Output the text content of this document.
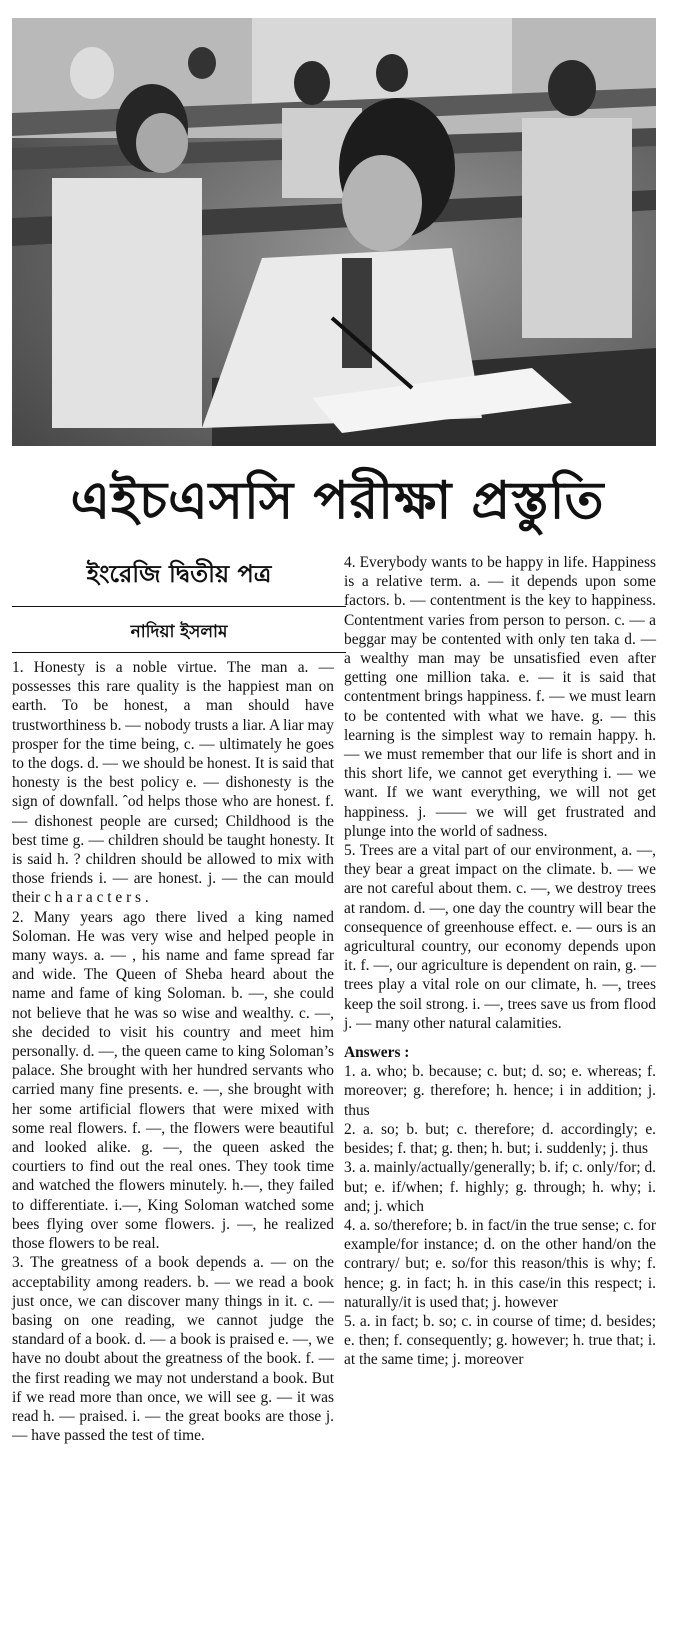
এইচএসসি পরীক্ষা প্রস্তুতি
ইংরেজি দ্বিতীয় পত্র
নাদিয়া ইসলাম

1. Honesty is a noble virtue. The man a. — possesses this rare quality is the happiest man on earth. To be honest, a man should have trustworthiness b. — nobody trusts a liar. A liar may prosper for the time being, c. — ultimately he goes to the dogs. d. — we should be honest. It is said that honesty is the best policy e. — dishonesty is the sign of downfall. ˆod helps those who are honest. f. — dishonest people are cursed; Childhood is the best time g. — children should be taught honesty. It is said h. ? children should be allowed to mix with those friends i. — are honest. j. — the can mould their c h a r a c t e r s .

2. Many years ago there lived a king named Soloman. He was very wise and helped people in many ways. a. — , his name and fame spread far and wide. The Queen of Sheba heard about the name and fame of king Soloman. b. —, she could not believe that he was so wise and wealthy. c. —, she decided to visit his country and meet him personally. d. —, the queen came to king Soloman’s palace. She brought with her hundred servants who carried many fine presents. e. —, she brought with her some artificial flowers that were mixed with some real flowers. f. —, the flowers were beautiful and looked alike. g. —, the queen asked the courtiers to find out the real ones. They took time and watched the flowers minutely. h.—, they failed to differentiate. i.—, King Soloman watched some bees flying over some flowers. j. —, he realized those flowers to be real.

3. The greatness of a book depends a. — on the acceptability among readers. b. — we read a book just once, we can discover many things in it. c. — basing on one reading, we cannot judge the standard of a book. d. — a book is praised e. —, we have no doubt about the greatness of the book. f. — the first reading we may not understand a book. But if we read more than once, we will see g. — it was read h. — praised. i. — the great books are those j. — have passed the test of time.

4. Everybody wants to be happy in life. Happiness is a relative term. a. — it depends upon some factors. b. — contentment is the key to happiness. Contentment varies from person to person. c. — a beggar may be contented with only ten taka d. — a wealthy man may be unsatisfied even after getting one million taka. e. — it is said that contentment brings happiness. f. — we must learn to be contented with what we have. g. — this learning is the simplest way to remain happy. h. — we must remember that our life is short and in this short life, we cannot get everything i. — we want. If we want everything, we will not get happiness. j. —— we will get frustrated and plunge into the world of sadness.

5. Trees are a vital part of our environment, a. —, they bear a great impact on the climate. b. — we are not careful about them. c. —, we destroy trees at random. d. —, one day the country will bear the consequence of greenhouse effect. e. — ours is an agricultural country, our economy depends upon it. f. —, our agriculture is dependent on rain, g. — trees play a vital role on our climate, h. —, trees keep the soil strong. i. —, trees save us from flood j. — many other natural calamities.

Answers :

1. a. who; b. because; c. but; d. so; e. whereas; f. moreover; g. therefore; h. hence; i in addition; j. thus

2. a. so; b. but; c. therefore; d. accordingly; e. besides; f. that; g. then; h. but; i. suddenly; j. thus

3. a. mainly/actually/generally; b. if; c. only/for; d. but; e. if/when; f. highly; g. through; h. why; i. and; j. which

4. a. so/therefore; b. in fact/in the true sense; c. for example/for instance; d. on the other hand/on the contrary/ but; e. so/for this reason/this is why; f. hence; g. in fact; h. in this case/in this respect; i. naturally/it is used that; j. however

5. a. in fact; b. so; c. in course of time; d. besides; e. then; f. consequently; g. however; h. true that; i. at the same time; j. moreover
